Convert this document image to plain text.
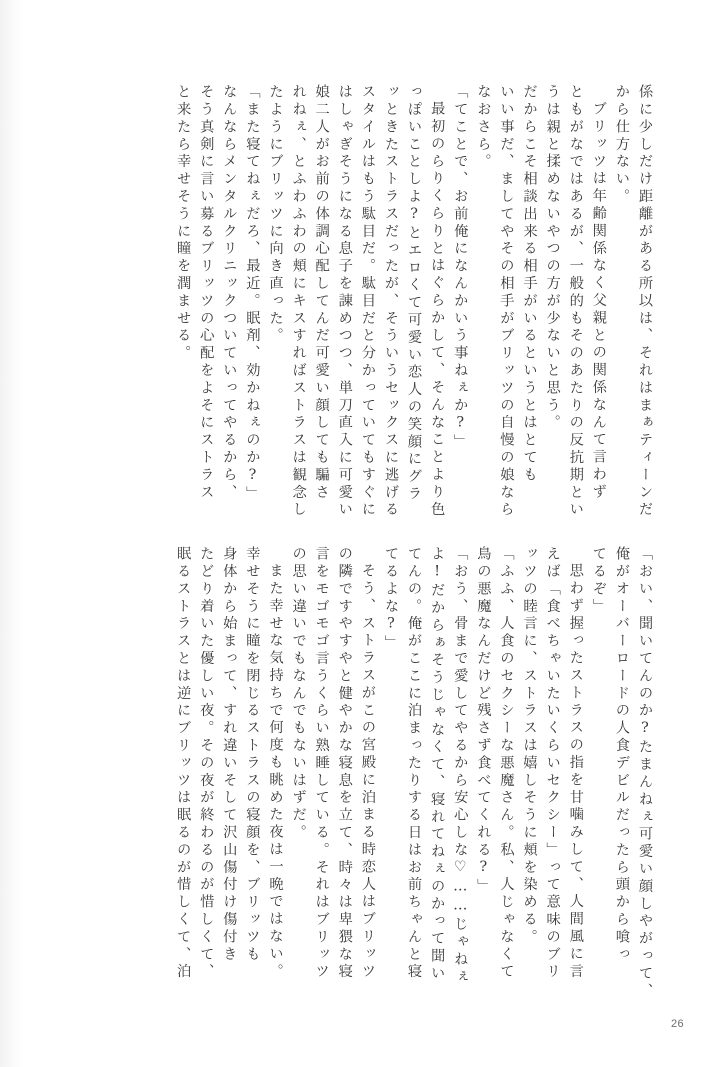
係に少しだけ距離がある所以は、それはまぁティーンだ
から仕方ない。
ブリッツは年齢関係なく父親との関係なんて言わず
ともがなではあるが、一般的もそのあたりの反抗期とい
うは親と揉めないやつの方が少ないと思う。
だからこそ相談出来る相手がいるというとはとても
いい事だ、ましてやその相手がブリッツの自慢の娘なら
なおさら。
「てことで、お前俺になんかいう事ねぇか?」
最初のらりくらりとはぐらかして、そんなことより色
っぽいことしよ?とエロくて可愛い恋人の笑顔にグラ
ッときたストラスだったが、そういうセックスに逃げる
スタイルはもう駄目だ。駄目だと分かっていてもすぐに
はしゃぎそうになる息子を諌めつつ、単刀直入に可愛い
娘二人がお前の体調心配してんだ可愛い顔しても騙さ
れねぇ、とふわふわの頬にキスすればストラスは観念し
たようにブリッツに向き直った。
「また寝てねぇだろ、最近。眠剤、効かねぇのか?」
なんならメンタルクリニックついていってやるから、
そう真剣に言い募るブリッツの心配をよそにストラス
と来たら幸せそうに瞳を潤ませる。
「おい、聞いてんのか?たまんねぇ可愛い顔しやがって、
俺がオーバーロードの人食デビルだったら頭から喰っ
てるぞ」
思わず握ったストラスの指を甘噛みして、人間風に言
えば「食べちゃいたいくらいセクシー」って意味のブリ
ッツの睦言に、ストラスは嬉しそうに頬を染める。
「ふふ、人食のセクシーな悪魔さん。私、人じゃなくて
鳥の悪魔なんだけど残さず食べてくれる?」
「おう、骨まで愛してやるから安心しな♡……じゃねぇ
よ!だからぁそうじゃなくて、寝れてねぇのかって聞い
てんの。俺がここに泊まったりする日はお前ちゃんと寝
てるよな?」
そう、ストラスがこの宮殿に泊まる時恋人はブリッツ
の隣ですやすやと健やかな寝息を立て、時々は卑猥な寝
言をモゴモゴ言うくらい熟睡している。それはブリッツ
の思い違いでもなんでもないはずだ。
また幸せな気持ちで何度も眺めた夜は一晩ではない。
幸せそうに瞳を閉じるストラスの寝顔を、ブリッツも
身体から始まって、すれ違いそして沢山傷付け傷付き
たどり着いた優しい夜。その夜が終わるのが惜しくて、
眠るストラスとは逆にブリッツは眠るのが惜しくて、泊
26
